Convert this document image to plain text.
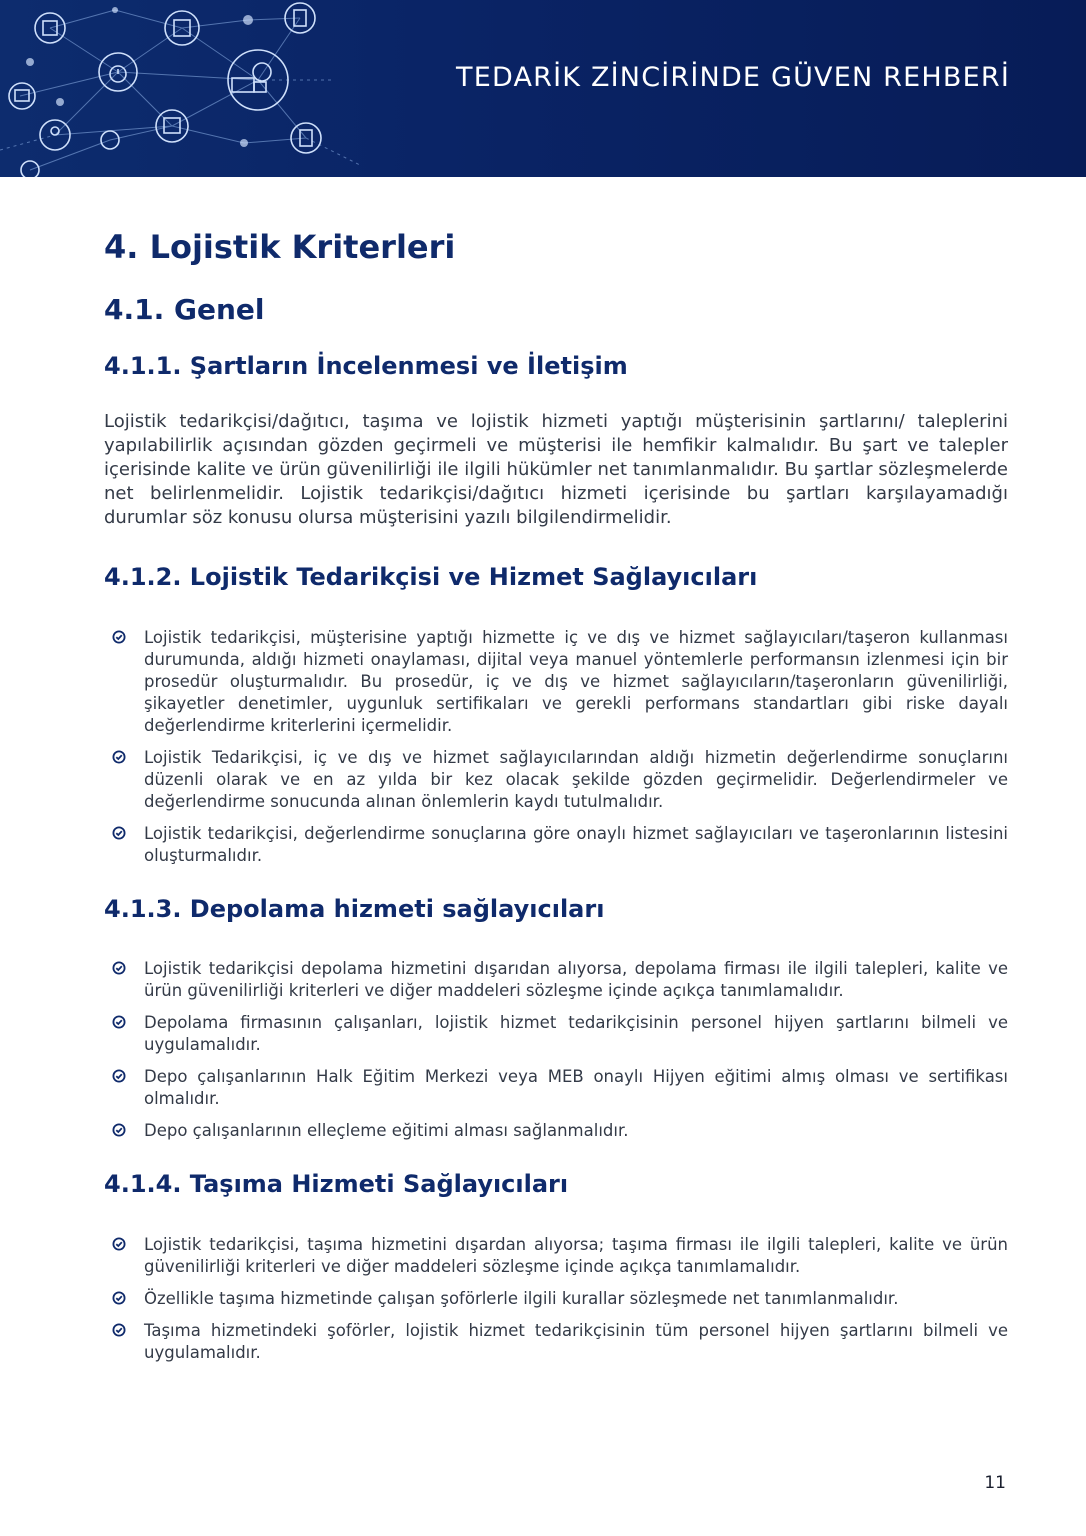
TEDARİK ZİNCİRİNDE GÜVEN REHBERİ
4. Lojistik Kriterleri
4.1. Genel
4.1.1. Şartların İncelenmesi ve İletişim

Lojistik tedarikçisi/dağıtıcı, taşıma ve lojistik hizmeti yaptığı müşterisinin şartlarını/ taleplerini yapılabilirlik açısından gözden geçirmeli ve müşterisi ile hemfikir kalmalıdır. Bu şart ve talepler içerisinde kalite ve ürün güvenilirliği ile ilgili hükümler net tanımlanmalıdır. Bu şartlar sözleşmelerde net belirlenmelidir. Lojistik tedarikçisi/dağıtıcı hizmeti içerisinde bu şartları karşılayamadığı durumlar söz konusu olursa müşterisini yazılı bilgilendirmelidir.

4.1.2. Lojistik Tedarikçisi ve Hizmet Sağlayıcıları
Lojistik tedarikçisi, müşterisine yaptığı hizmette iç ve dış ve hizmet sağlayıcıları/taşeron kullanması durumunda, aldığı hizmeti onaylaması, dijital veya manuel yöntemlerle performansın izlenmesi için bir prosedür oluşturmalıdır. Bu prosedür, iç ve dış ve hizmet sağlayıcıların/taşeronların güvenilirliği, şikayetler denetimler, uygunluk sertifikaları ve gerekli performans standartları gibi riske dayalı değerlendirme kriterlerini içermelidir.
Lojistik Tedarikçisi, iç ve dış ve hizmet sağlayıcılarından aldığı hizmetin değerlendirme sonuçlarını düzenli olarak ve en az yılda bir kez olacak şekilde gözden geçirmelidir. Değerlendirmeler ve değerlendirme sonucunda alınan önlemlerin kaydı tutulmalıdır.
Lojistik tedarikçisi, değerlendirme sonuçlarına göre onaylı hizmet sağlayıcıları ve taşeronlarının listesini oluşturmalıdır.
4.1.3. Depolama hizmeti sağlayıcıları
Lojistik tedarikçisi depolama hizmetini dışarıdan alıyorsa, depolama firması ile ilgili talepleri, kalite ve ürün güvenilirliği kriterleri ve diğer maddeleri sözleşme içinde açıkça tanımlamalıdır.
Depolama firmasının çalışanları, lojistik hizmet tedarikçisinin personel hijyen şartlarını bilmeli ve uygulamalıdır.
Depo çalışanlarının Halk Eğitim Merkezi veya MEB onaylı Hijyen eğitimi almış olması ve sertifikası olmalıdır.
Depo çalışanlarının elleçleme eğitimi alması sağlanmalıdır.
4.1.4. Taşıma Hizmeti Sağlayıcıları
Lojistik tedarikçisi, taşıma hizmetini dışardan alıyorsa; taşıma firması ile ilgili talepleri, kalite ve ürün güvenilirliği kriterleri ve diğer maddeleri sözleşme içinde açıkça tanımlamalıdır.
Özellikle taşıma hizmetinde çalışan şoförlerle ilgili kurallar sözleşmede net tanımlanmalıdır.
Taşıma hizmetindeki şoförler, lojistik hizmet tedarikçisinin tüm personel hijyen şartlarını bilmeli ve uygulamalıdır.
11
